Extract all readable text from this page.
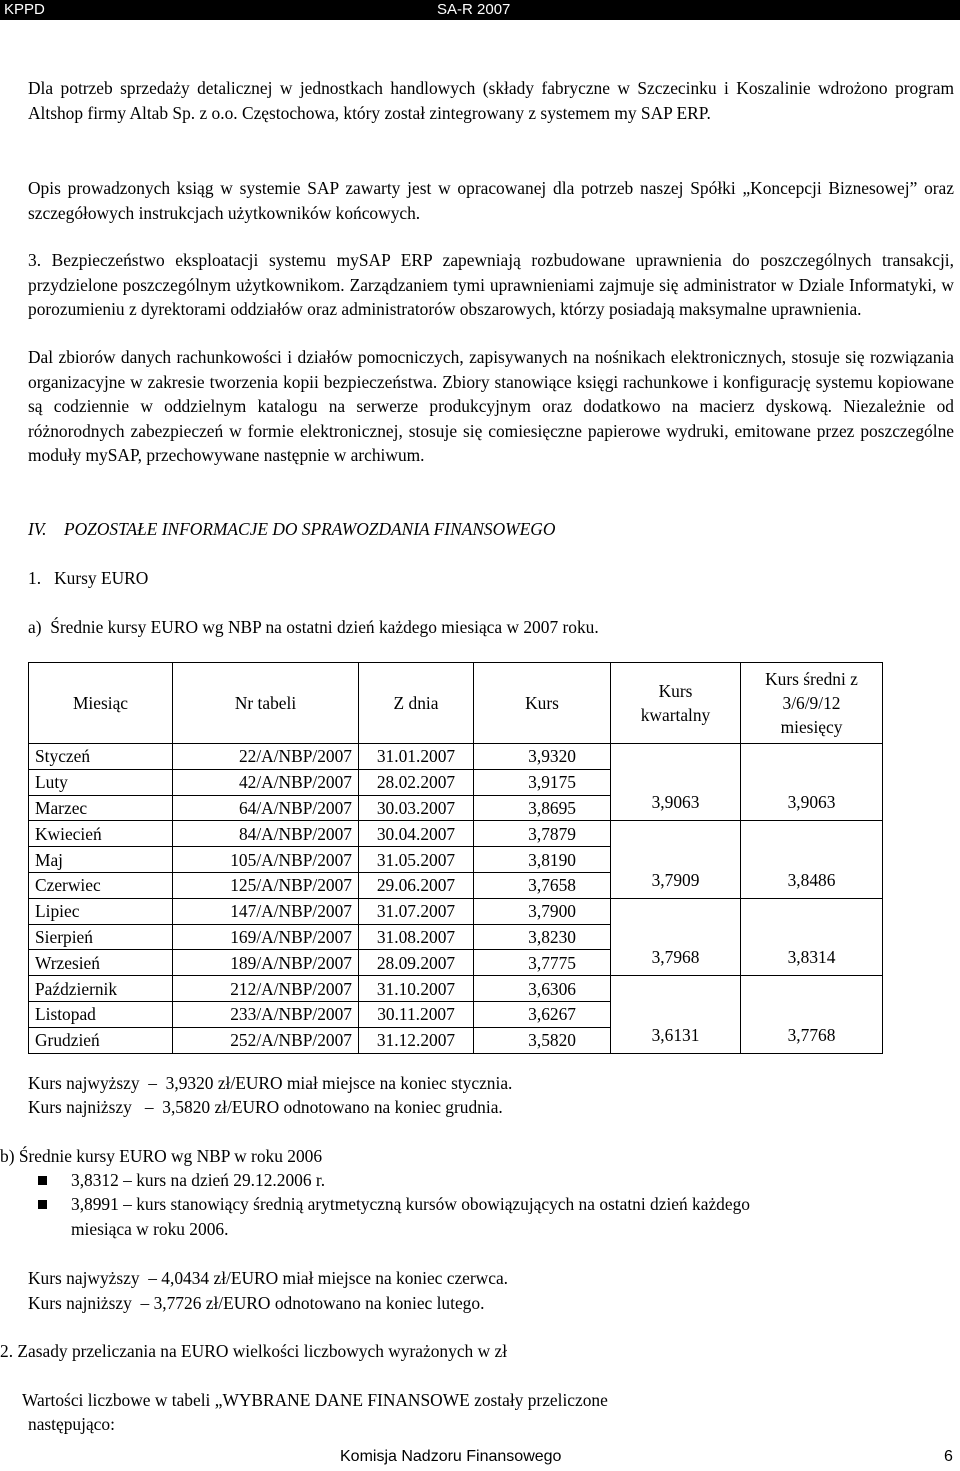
KPPD	SA-R 2007

Dla potrzeb sprzedaży detalicznej w jednostkach handlowych (składy fabryczne w Szczecinku i Koszalinie wdrożono program Altshop firmy Altab Sp. z o.o. Częstochowa, który został zintegrowany z systemem my SAP ERP.

Opis prowadzonych ksiąg w systemie SAP zawarty jest w opracowanej dla potrzeb naszej Spółki „Koncepcji Biznesowej” oraz szczegółowych instrukcjach użytkowników końcowych.

3. Bezpieczeństwo eksploatacji systemu mySAP ERP zapewniają rozbudowane uprawnienia do poszczególnych transakcji, przydzielone poszczególnym użytkownikom. Zarządzaniem tymi uprawnieniami zajmuje się administrator w Dziale Informatyki, w porozumieniu z dyrektorami oddziałów oraz administratorów obszarowych, którzy posiadają maksymalne uprawnienia.

Dal zbiorów danych rachunkowości i działów pomocniczych, zapisywanych na nośnikach elektronicznych, stosuje się rozwiązania organizacyjne w zakresie tworzenia kopii bezpieczeństwa. Zbiory stanowiące księgi rachunkowe i konfigurację systemu kopiowane są codziennie w oddzielnym katalogu na serwerze produkcyjnym oraz dodatkowo na macierz dyskową. Niezależnie od różnorodnych zabezpieczeń w formie elektronicznej, stosuje się comiesięczne papierowe wydruki, emitowane przez poszczególne moduły mySAP, przechowywane następnie w archiwum.

IV. POZOSTAŁE INFORMACJE DO SPRAWOZDANIA FINANSOWEGO
1.   Kursy EURO
a)  Średnie kursy EURO wg NBP na ostatni dzień każdego miesiąca w 2007 roku.
Miesiąc	Nr tabeli	Z dnia	Kurs	Kurs kwartalny	Kurs średni z 3/6/9/12 miesięcy
Styczeń	22/A/NBP/2007	31.01.2007	3,9320	3,9063	3,9063
Luty	42/A/NBP/2007	28.02.2007	3,9175		
Marzec	64/A/NBP/2007	30.03.2007	3,8695		
Kwiecień	84/A/NBP/2007	30.04.2007	3,7879	3,7909	3,8486
Maj	105/A/NBP/2007	31.05.2007	3,8190		
Czerwiec	125/A/NBP/2007	29.06.2007	3,7658		
Lipiec	147/A/NBP/2007	31.07.2007	3,7900	3,7968	3,8314
Sierpień	169/A/NBP/2007	31.08.2007	3,8230		
Wrzesień	189/A/NBP/2007	28.09.2007	3,7775		
Październik	212/A/NBP/2007	31.10.2007	3,6306	3,6131	3,7768
Listopad	233/A/NBP/2007	30.11.2007	3,6267		
Grudzień	252/A/NBP/2007	31.12.2007	3,5820		
Kurs najwyższy  –  3,9320 zł/EURO miał miejsce na koniec stycznia.
Kurs najniższy   –  3,5820 zł/EURO odnotowano na koniec grudnia.
b) Średnie kursy EURO wg NBP w roku 2006
3,8312 – kurs na dzień 29.12.2006 r.
3,8991 – kurs stanowiący średnią arytmetyczną kursów obowiązujących na ostatni dzień każdego
miesiąca w roku 2006.
Kurs najwyższy  – 4,0434 zł/EURO miał miejsce na koniec czerwca.
Kurs najniższy  – 3,7726 zł/EURO odnotowano na koniec lutego.
2. Zasady przeliczania na EURO wielkości liczbowych wyrażonych w zł
Wartości liczbowe w tabeli „WYBRANE DANE FINANSOWE zostały przeliczone
następująco:
Komisja Nadzoru Finansowego	6
